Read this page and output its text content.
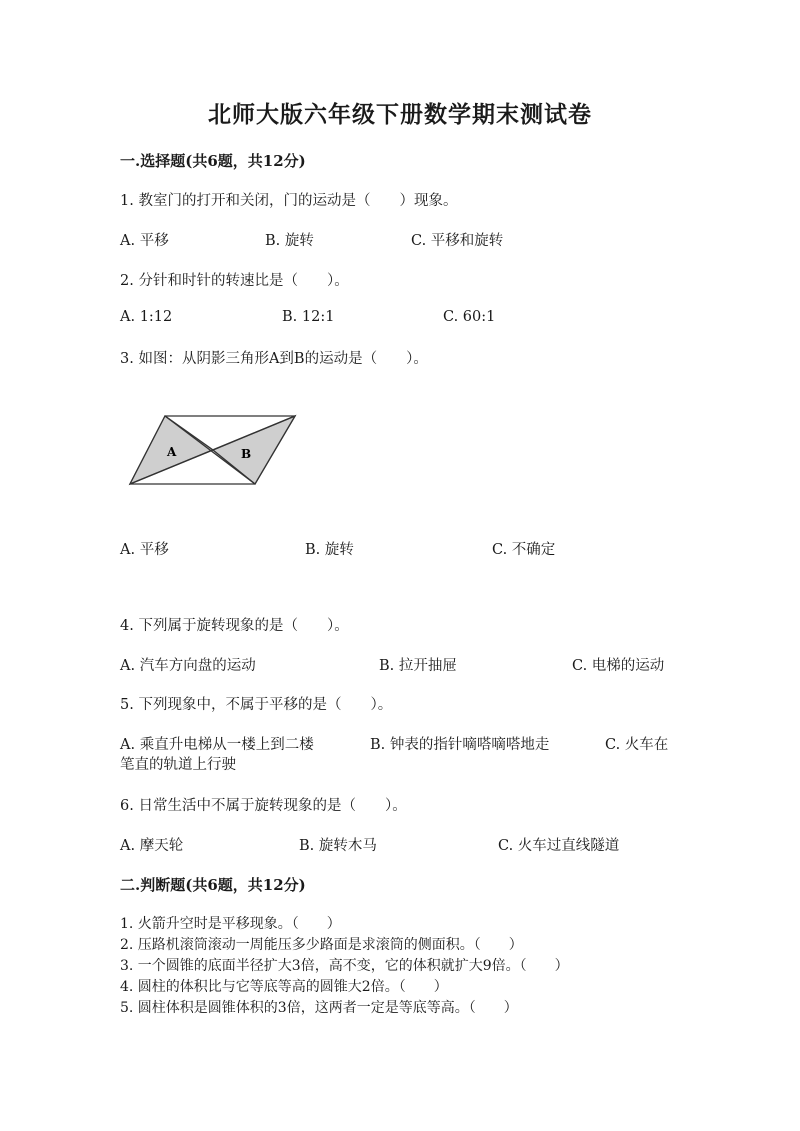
北师大版六年级下册数学期末测试卷
一.选择题(共6题，共12分)
1. 教室门的打开和关闭，门的运动是（　　）现象。
A. 平移	B. 旋转	C. 平移和旋转
2. 分针和时针的转速比是（　　）。
A. 1:12	B. 12:1	C. 60:1
3. 如图：从阴影三角形A到B的运动是（　　）。
A	B
A. 平移	B. 旋转	C. 不确定
4. 下列属于旋转现象的是（　　）。
A. 汽车方向盘的运动	B. 拉开抽屉	C. 电梯的运动
5. 下列现象中，不属于平移的是（　　）。
A. 乘直升电梯从一楼上到二楼	B. 钟表的指针嘀嗒嘀嗒地走	C. 火车在
笔直的轨道上行驶
6. 日常生活中不属于旋转现象的是（　　）。
A. 摩天轮	B. 旋转木马	C. 火车过直线隧道
二.判断题(共6题，共12分)
1. 火箭升空时是平移现象。（　　）
2. 压路机滚筒滚动一周能压多少路面是求滚筒的侧面积。（　　）
3. 一个圆锥的底面半径扩大3倍，高不变，它的体积就扩大9倍。（　　）
4. 圆柱的体积比与它等底等高的圆锥大2倍。（　　）
5. 圆柱体积是圆锥体积的3倍，这两者一定是等底等高。（　　）
